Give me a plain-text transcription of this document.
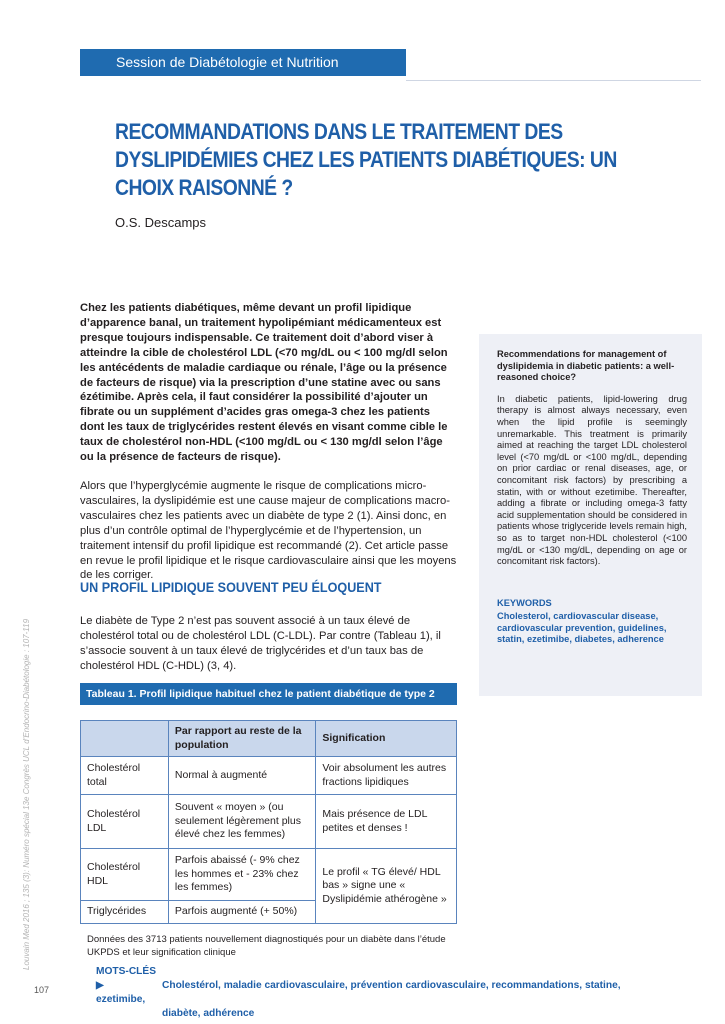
Session de Diabétologie et Nutrition
RECOMMANDATIONS DANS LE TRAITEMENT DES
DYSLIPIDÉMIES CHEZ LES PATIENTS DIABÉTIQUES: UN
CHOIX RAISONNÉ ?
O.S. Descamps

Chez les patients diabétiques, même devant un profil lipidique d’apparence banal, un traitement hypolipémiant médicamenteux est presque toujours indispensable. Ce traitement doit d’abord viser à atteindre la cible de cholestérol LDL (<70 mg/dL ou < 100 mg/dl selon les antécédents de maladie cardiaque ou rénale, l’âge ou la présence de facteurs de risque) via la prescription d’une statine avec ou sans ézétimibe. Après cela, il faut considérer la possibilité d’ajouter un fibrate ou un supplément d’acides gras omega-3 chez les patients dont les taux de triglycérides restent élevés en visant comme cible le taux de cholestérol non-HDL (<100 mg/dL ou < 130 mg/dl selon l’âge ou la présence de facteurs de risque).

Alors que l’hyperglycémie augmente le risque de complications micro-vasculaires, la dyslipidémie est une cause majeur de complications macro-vasculaires chez les patients avec un diabète de type 2 (1). Ainsi donc, en plus d’un contrôle optimal de l’hyperglycémie et de l’hypertension, un traitement intensif du profil lipidique est recommandé (2). Cet article passe en revue le profil lipidique et le risque cardiovasculaire ainsi que les moyens de les corriger.

UN PROFIL LIPIDIQUE SOUVENT PEU ÉLOQUENT

Le diabète de Type 2 n’est pas souvent associé à un taux élevé de cholestérol total ou de cholestérol LDL (C-LDL). Par contre (Tableau 1), il s’associe souvent à un taux élevé de triglycérides et d’un taux bas de cholestérol HDL (C-HDL) (3, 4).

Louvain Med 2016 ; 135 (3): Numéro spécial 13e Congrès UCL d’Endocrino-Diabétologie : 107-119

Recommendations for management of dyslipidemia in diabetic patients: a well-reasoned choice?

In diabetic patients, lipid-lowering drug therapy is almost always necessary, even when the lipid profile is seemingly unremarkable. This treatment is primarily aimed at reaching the target LDL cholesterol level (<70 mg/dL or <100 mg/dL, depending on prior cardiac or renal diseases, age, or concomitant risk factors) by prescribing a statin, with or without ezetimibe. Thereafter, adding a fibrate or including omega-3 fatty acid supplementation should be considered in patients whose triglyceride levels remain high, so as to target non-HDL cholesterol (<100 mg/dL or <130 mg/dL, depending on age or concomitant risk factors).

KEYWORDS

Cholesterol, cardiovascular disease, cardiovascular prevention, guidelines, statin, ezetimibe, diabetes, adherence

Tableau 1. Profil lipidique habituel chez le patient diabétique de type 2
	Par rapport au reste de la population	Signification
Cholestérol total	Normal à augmenté	Voir absolument les autres fractions lipidiques
Cholestérol LDL	Souvent « moyen » (ou seulement légèrement plus élevé chez les femmes)	Mais présence de LDL petites et denses !
Cholestérol HDL	Parfois abaissé (- 9% chez les hommes et - 23% chez les femmes)	Le profil « TG élevé/ HDL bas » signe une « Dyslipidémie athérogène »
Triglycérides	Parfois augmenté (+ 50%)	
Données des 3713 patients nouvellement diagnostiqués pour un diabète dans l’étude UKPDS et leur signification clinique
MOTS-CLÉS ▶	Cholestérol, maladie cardiovasculaire, prévention cardiovasculaire, recommandations, statine, ezetimibe,
diabète, adhérence
107
